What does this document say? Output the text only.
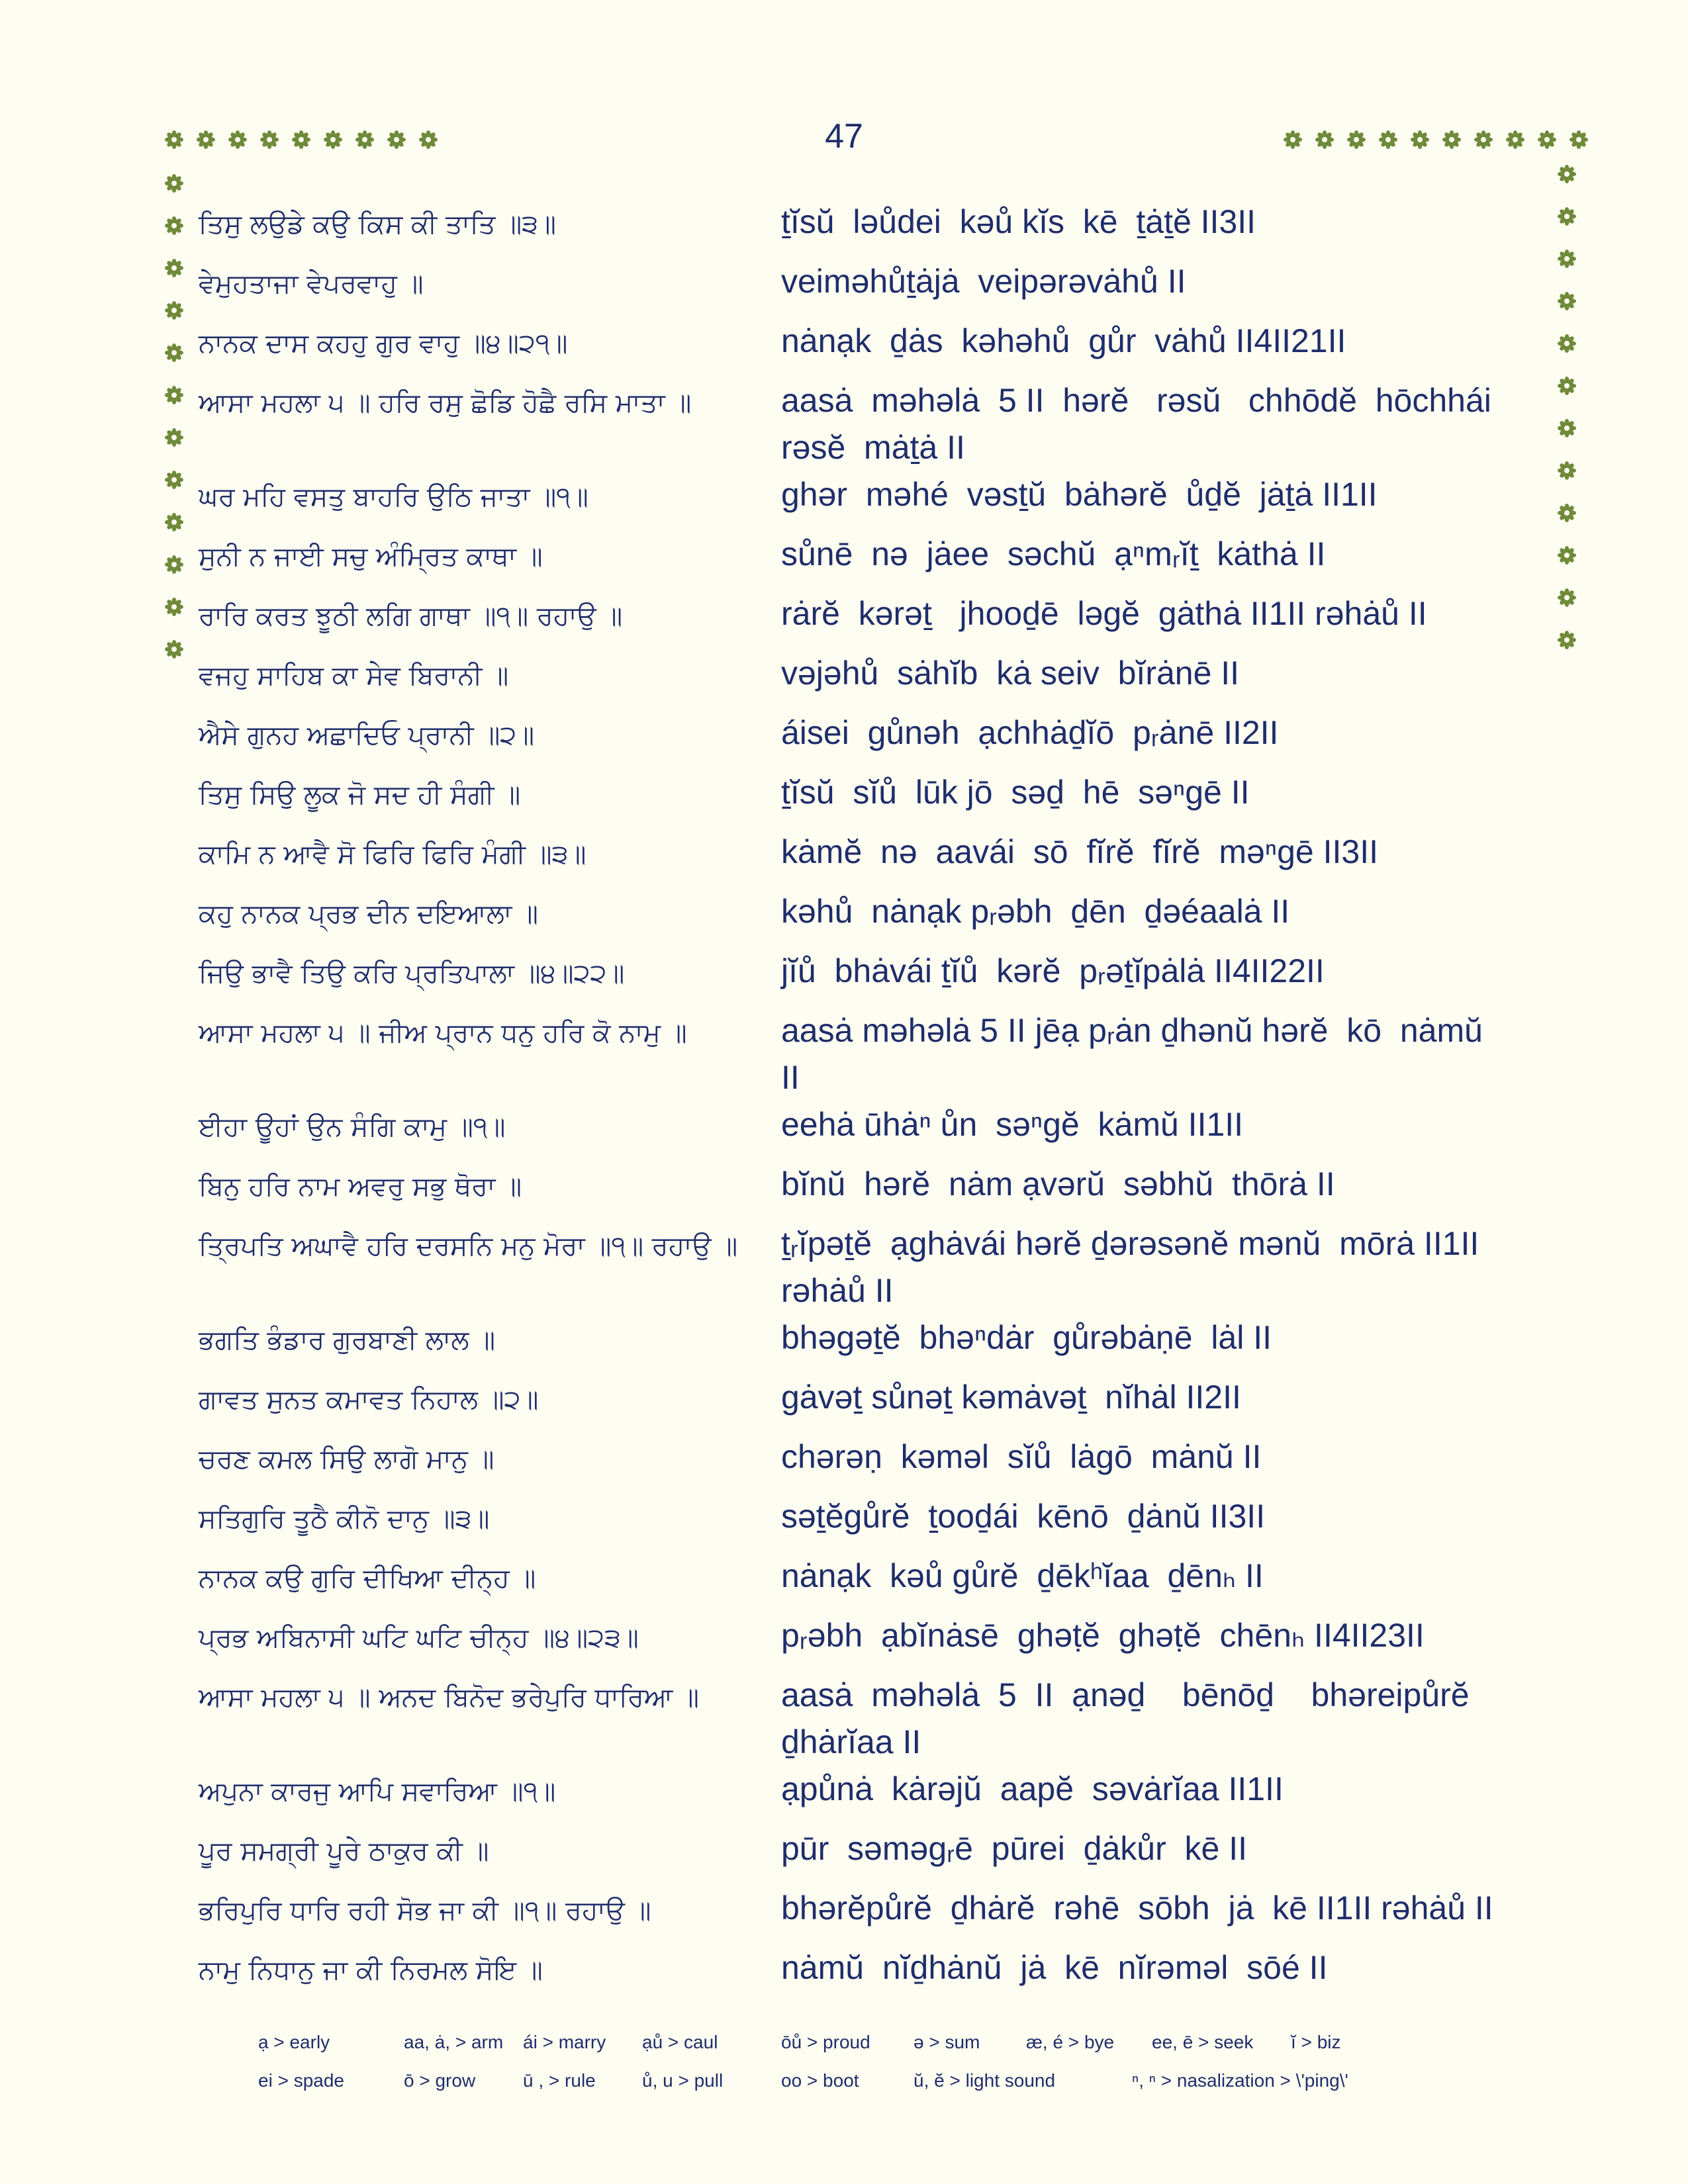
47
ਤਿਸੁ ਲਉਡੇ ਕਉ ਕਿਸ ਕੀ ਤਾਤਿ ॥੩॥	ṯĭsŭ  ləůdei  kəů kĭs  kē  ṯȧṯĕ II3II
ਵੇਮੁਹਤਾਜਾ ਵੇਪਰਵਾਹੁ ॥	veiməhůṯȧjȧ  veipərəvȧhů II
ਨਾਨਕ ਦਾਸ ਕਹਹੁ ਗੁਰ ਵਾਹੁ ॥੪॥੨੧॥	nȧnạk  ḏȧs  kəhəhů  gůr  vȧhů II4II21II
ਆਸਾ ਮਹਲਾ ੫ ॥ ਹਰਿ ਰਸੁ ਛੋਡਿ ਹੋਛੈ ਰਸਿ ਮਾਤਾ ॥	aasȧ  məhəlȧ  5 II  hərĕ   rəsŭ   chhōdĕ  hōchhái
rəsĕ  mȧṯȧ II
ਘਰ ਮਹਿ ਵਸਤੁ ਬਾਹਰਿ ਉਠਿ ਜਾਤਾ ॥੧॥	ghər  məhé  vəsṯŭ  bȧhərĕ  ůḏĕ  jȧṯȧ II1II
ਸੁਨੀ ਨ ਜਾਈ ਸਚੁ ਅੰਮ੍ਰਿਤ ਕਾਥਾ ॥	sůnē  nə  jȧee  səchŭ  ạⁿmᵣĭṯ  kȧthȧ II
ਰਾਰਿ ਕਰਤ ਝੂਠੀ ਲਗਿ ਗਾਥਾ ॥੧॥ ਰਹਾਉ ॥	rȧrĕ  kərəṯ   jhooḏē  ləgĕ  gȧthȧ II1II rəhȧů II
ਵਜਹੁ ਸਾਹਿਬ ਕਾ ਸੇਵ ਬਿਰਾਨੀ ॥	vəjəhů  sȧhĭb  kȧ seiv  bĭrȧnē II
ਐਸੇ ਗੁਨਹ ਅਛਾਦਿਓ ਪ੍ਰਾਨੀ ॥੨॥	áisei  gůnəh  ạchhȧḏĭō  pᵣȧnē II2II
ਤਿਸੁ ਸਿਉ ਲੂਕ ਜੋ ਸਦ ਹੀ ਸੰਗੀ ॥	ṯĭsŭ  sĭů  lūk jō  səḏ  hē  səⁿgē II
ਕਾਮਿ ਨ ਆਵੈ ਸੋ ਫਿਰਿ ਫਿਰਿ ਮੰਗੀ ॥੩॥	kȧmĕ  nə  aavái  sō  fĭrĕ  fĭrĕ  məⁿgē II3II
ਕਹੁ ਨਾਨਕ ਪ੍ਰਭ ਦੀਨ ਦਇਆਲਾ ॥	kəhů  nȧnạk pᵣəbh  ḏēn  ḏəéaalȧ II
ਜਿਉ ਭਾਵੈ ਤਿਉ ਕਰਿ ਪ੍ਰਤਿਪਾਲਾ ॥੪॥੨੨॥	jĭů  bhȧvái ṯĭů  kərĕ  pᵣəṯĭpȧlȧ II4II22II
ਆਸਾ ਮਹਲਾ ੫ ॥ ਜੀਅ ਪ੍ਰਾਨ ਧਨੁ ਹਰਿ ਕੋ ਨਾਮੁ ॥	aasȧ məhəlȧ 5 II jēạ pᵣȧn ḏhənŭ hərĕ  kō  nȧmŭ
II
ਈਹਾ ਊਹਾਂ ਉਨ ਸੰਗਿ ਕਾਮੁ ॥੧॥	eehȧ ūhȧⁿ ůn  səⁿgĕ  kȧmŭ II1II
ਬਿਨੁ ਹਰਿ ਨਾਮ ਅਵਰੁ ਸਭੁ ਥੋਰਾ ॥	bĭnŭ  hərĕ  nȧm ạvərŭ  səbhŭ  thōrȧ II
ਤ੍ਰਿਪਤਿ ਅਘਾਵੈ ਹਰਿ ਦਰਸਨਿ ਮਨੁ ਮੋਰਾ ॥੧॥ ਰਹਾਉ ॥	ṯᵣĭpəṯĕ  ạghȧvái hərĕ ḏərəsənĕ mənŭ  mōrȧ II1II
rəhȧů II
ਭਗਤਿ ਭੰਡਾਰ ਗੁਰਬਾਣੀ ਲਾਲ ॥	bhəgəṯĕ  bhəⁿdȧr  gůrəbȧṇē  lȧl II
ਗਾਵਤ ਸੁਨਤ ਕਮਾਵਤ ਨਿਹਾਲ ॥੨॥	gȧvəṯ sůnəṯ kəmȧvəṯ  nĭhȧl II2II
ਚਰਣ ਕਮਲ ਸਿਉ ਲਾਗੋ ਮਾਨੁ ॥	chərəṇ  kəməl  sĭů  lȧgō  mȧnŭ II
ਸਤਿਗੁਰਿ ਤੂਠੈ ਕੀਨੋ ਦਾਨੁ ॥੩॥	səṯĕgůrĕ  ṯooḏái  kēnō  ḏȧnŭ II3II
ਨਾਨਕ ਕਉ ਗੁਰਿ ਦੀਖਿਆ ਦੀਨ੍ਹ ॥	nȧnạk  kəů gůrĕ  ḏēkʰĭaa  ḏēnₕ II
ਪ੍ਰਭ ਅਬਿਨਾਸੀ ਘਟਿ ਘਟਿ ਚੀਨ੍ਹ ॥੪॥੨੩॥	pᵣəbh  ạbĭnȧsē  ghəṭĕ  ghəṭĕ  chēnₕ II4II23II
ਆਸਾ ਮਹਲਾ ੫ ॥ ਅਨਦ ਬਿਨੋਦ ਭਰੇਪੁਰਿ ਧਾਰਿਆ ॥	aasȧ  məhəlȧ  5  II  ạnəḏ    bēnōḏ    bhəreipůrĕ
ḏhȧrĭaa II
ਅਪੁਨਾ ਕਾਰਜੁ ਆਪਿ ਸਵਾਰਿਆ ॥੧॥	ạpůnȧ  kȧrəjŭ  aapĕ  səvȧrĭaa II1II
ਪੂਰ ਸਮਗ੍ਰੀ ਪੂਰੇ ਠਾਕੁਰ ਕੀ ॥	pūr  səməgᵣē  pūrei  ḏȧkůr  kē II
ਭਰਿਪੁਰਿ ਧਾਰਿ ਰਹੀ ਸੋਭ ਜਾ ਕੀ ॥੧॥ ਰਹਾਉ ॥	bhərĕpůrĕ  ḏhȧrĕ  rəhē  sōbh  jȧ  kē II1II rəhȧů II
ਨਾਮੁ ਨਿਧਾਨੁ ਜਾ ਕੀ ਨਿਰਮਲ ਸੋਇ ॥	nȧmŭ  nĭḏhȧnŭ  jȧ  kē  nĭrəməl  sōé II
ạ > early	aa, ȧ, > arm	ái > marry	ạů > caul	ōů > proud	ə > sum	æ, é > bye	ee, ē > seek	ĭ > biz
ei > spade	ō > grow	ū , > rule	ů, u > pull	oo > boot	ŭ, ĕ > light sound	ⁿ, ⁿ > nasalization > \'ping\'
